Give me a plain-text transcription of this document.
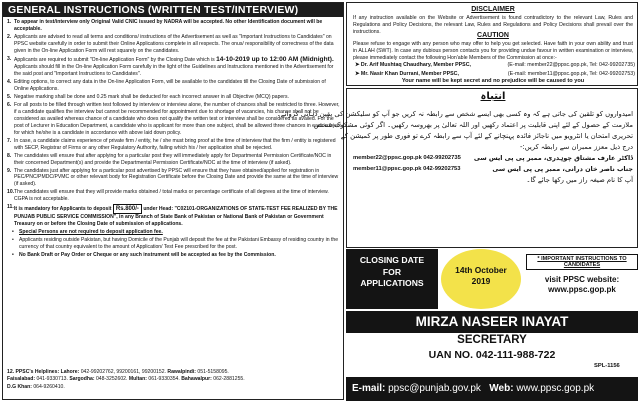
GENERAL INSTRUCTIONS (WRITTEN TEST/INTERVIEW)
1. To appear in test/interview only Original Valid CNIC issued by NADRA will be accepted. No other Identification document will be acceptable.
2. Applicants are advised to read all terms and conditions/ instructions of the Advertisement as well as "Important Instructions to Candidates" on PPSC website carefully in order to submit their Online Applications complete in all respects. The onus/ responsibility of correctness of the data given in the On-line Application Form will rest squarely on the candidates.
3. Applicants are required to submit "On-line Application Form" by the Closing Date which is 14-10-2019 up to 12:00 AM (Midnight). Applicants should fill in the On-line Application Form carefully in the light of the Guidelines and Instructions mentioned in the Advertisement for the said post and "Important Instructions to Candidates".
4. Editing options, to correct any data in the On-line Application Form, will be available to the candidates till the Closing Date of submission of Online Applications.
5. Negative marking shall be done and 0.25 mark shall be deducted for each incorrect answer in all Objective (MCQ) papers.
6. For all posts to be filled through written test followed by interview or interview alone, the number of chances shall be restricted to three. However, if a candidate qualifies the interview but cannot be recommended for appointment due to shortage of vacancies, his chance shall not be considered as availed whereas chance of a candidate who does not qualify the written test or interview shall be considered as availed. For the post of Lecturer in Education Department, a candidate who is applicant for more than one subject, shall be allowed three chances in each subject for which he/she is a candidate in accordance with above laid down policy.
7. In case, a candidate claims experience of private firm / entity, he / she must bring proof at the time of interview that the firm / entity is registered with SECP, Registrar of Firms or any other Regulatory Authority, failing which his / her application shall be rejected.
8. The candidates will ensure that after applying for a particular post they will immediately apply for Departmental Permission Certificate/NOC in their concerned Department(s) and provide the Departmental Permission Certificate/NOC at the time of interview (if asked).
9. The candidates just after applying for a particular post advertised by PPSC will ensure that they have obtained/applied for registration in PEC/PNC/PMDC/PVMC or other relevant body for Registration Certificate before the Closing Date and provide the same at the time of interview (if asked).
10. The candidates will ensure that they will provide marks obtained / total marks or percentage certificate of all degrees at the time of interview. CGPA is not acceptable.
11. It is mandatory for Applicants to deposit Rs.800/- under Head: "C02101-ORGANIZATIONS OF STATE-TEST FEE REALIZED BY THE PUNJAB PUBLIC SERVICE COMMISSION", in any Branch of State Bank of Pakistan or National Bank of Pakistan or Government Treasury on or before the Closing Date of submission of applications.
• Special Persons are not required to deposit application fee.
• Applicants residing outside Pakistan, but having Domicile of the Punjab will deposit the fee at the Pakistani Embassy of residing country in the currency of that country equivalent to the amount of Application/ Test Fee prescribed for the post.
• No Bank Draft or Pay Order or Cheque or any such instrument will be accepted as fee by the Commission.
12. PPSC's Helplines: Lahore: 042-99202762, 99200161, 99200152. Rawalpindi: 051-5158095.
Faisalabad: 041-9330713. Sargodha: 048-3252602. Multan: 061-9330354. Bahawalpur: 062-2881255.
D.G Khan: 064-9260410.
DISCLAIMER
If any instruction available on the Website or Advertisement is found contradictory to the relevant Law, Rules and Regulations and Policy Decisions, the relevant Law, Rules and Regulations and Policy Decisions shall prevail over the instructions.	CAUTION
Please refuse to engage with any person who may offer to help you get selected. Have faith in your own ability and trust in ALLAH (SWT). In case any dubious person contacts you for providing undue favour in written examination or interview, please immediately contact the following Hon'able Members of the Commission at once:-
➤ Dr. Arif Mushtaq Chaudhary, Member PPSC,	(E-mail: member22@ppsc.gop.pk, Tel: 042-99202735)
➤ Mr. Nasir Khan Durrani, Member PPSC,	(E-mail: member11@ppsc.gop.pk, Tel: 042-99202753)
Your name will be kept secret and no prejudice will be caused to you
انتباہ
امیدواروں کو تلقین کی جاتی ہے کہ وہ کسی بھی ایسے شخص سے رابطہ نہ کریں جو آپ کو سلیکشن کی یقین دہانی کروائے۔
ملازمت کے حصول کے لئے اپنی قابلیت پر اعتماد رکھیں اور اللہ تعالیٰ پر بھروسہ رکھیں۔ اگر کوئی مشکوک شخص
تحریری امتحان یا انٹرویو میں ناجائز فائدہ پہنچانے کے لئے آپ سے رابطہ کرے تو فوری طور پر کمیشن کے
درج ذیل معزز ممبران سے رابطہ کریں:-
member22@ppsc.gop.pk 042-99202735 ڈاکٹر عارف مشتاق چوہدری، ممبر پی پی ایس سی
member11@ppsc.gop.pk 042-99202753	جناب ناصر خان درانی، ممبر پی پی ایس سی
آپ کا نام صیغہ راز میں رکھا جائے گا۔
CLOSING DATE
FOR
APPLICATIONS
14th October
2019
* IMPORTANT INSTRUCTIONS TO CANDIDATES
visit PPSC website:
www.ppsc.gop.pk
MIRZA NASEER INAYAT
SECRETARY
UAN NO. 042-111-988-722
SPL-1156
E-mail: ppsc@punjab.gov.pk Web: www.ppsc.gop.pk
